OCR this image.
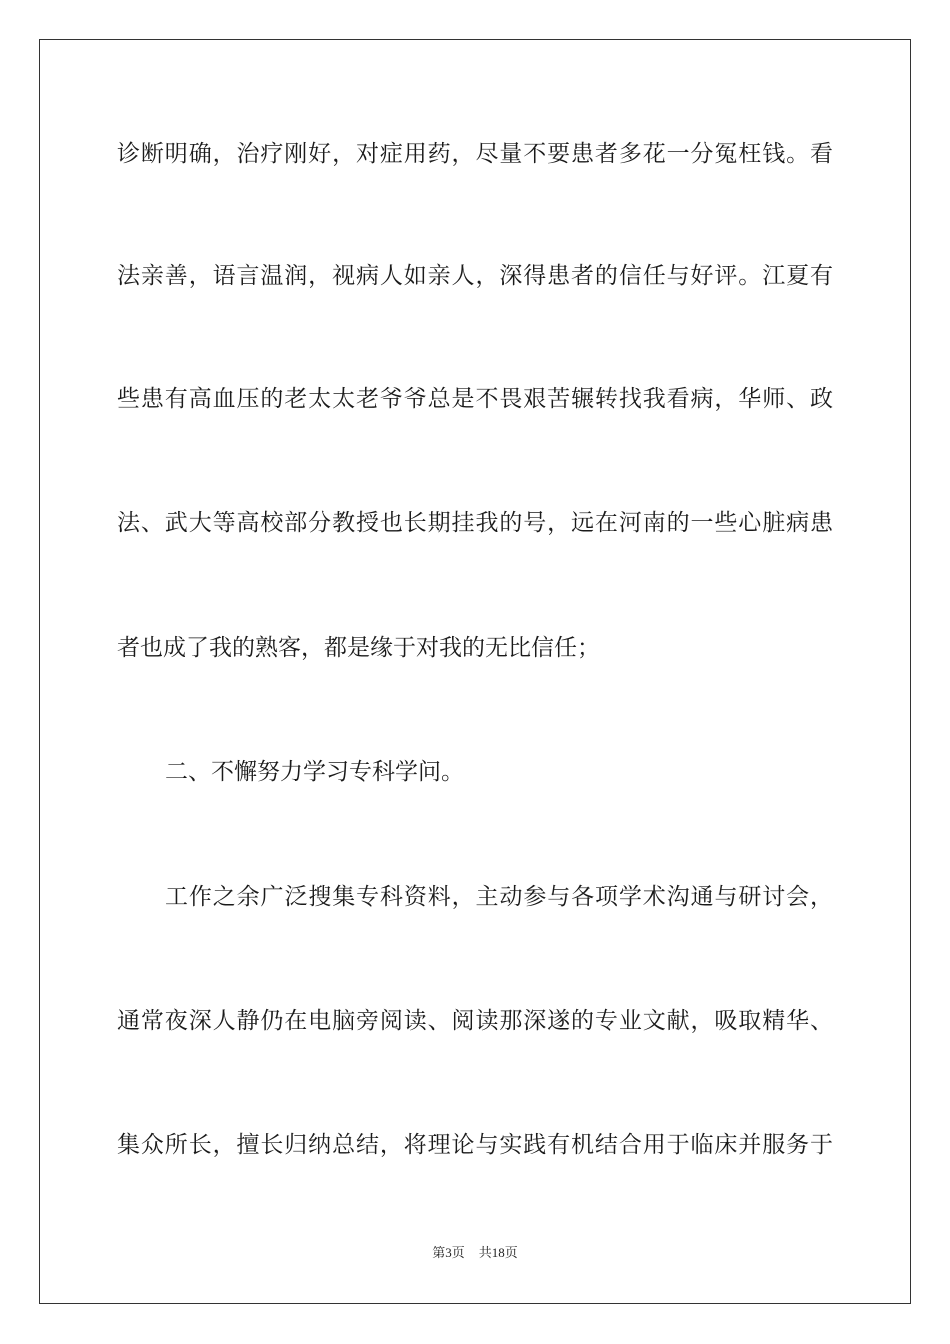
诊断明确，治疗刚好，对症用药，尽量不要患者多花一分冤枉钱。看
法亲善，语言温润，视病人如亲人，深得患者的信任与好评。江夏有
些患有高血压的老太太老爷爷总是不畏艰苦辗转找我看病，华师、政
法、武大等高校部分教授也长期挂我的号，远在河南的一些心脏病患
者也成了我的熟客，都是缘于对我的无比信任；
二、不懈努力学习专科学问。
工作之余广泛搜集专科资料，主动参与各项学术沟通与研讨会，
通常夜深人静仍在电脑旁阅读、阅读那深遂的专业文献，吸取精华、
集众所长，擅长归纳总结，将理论与实践有机结合用于临床并服务于
第3页 共18页
